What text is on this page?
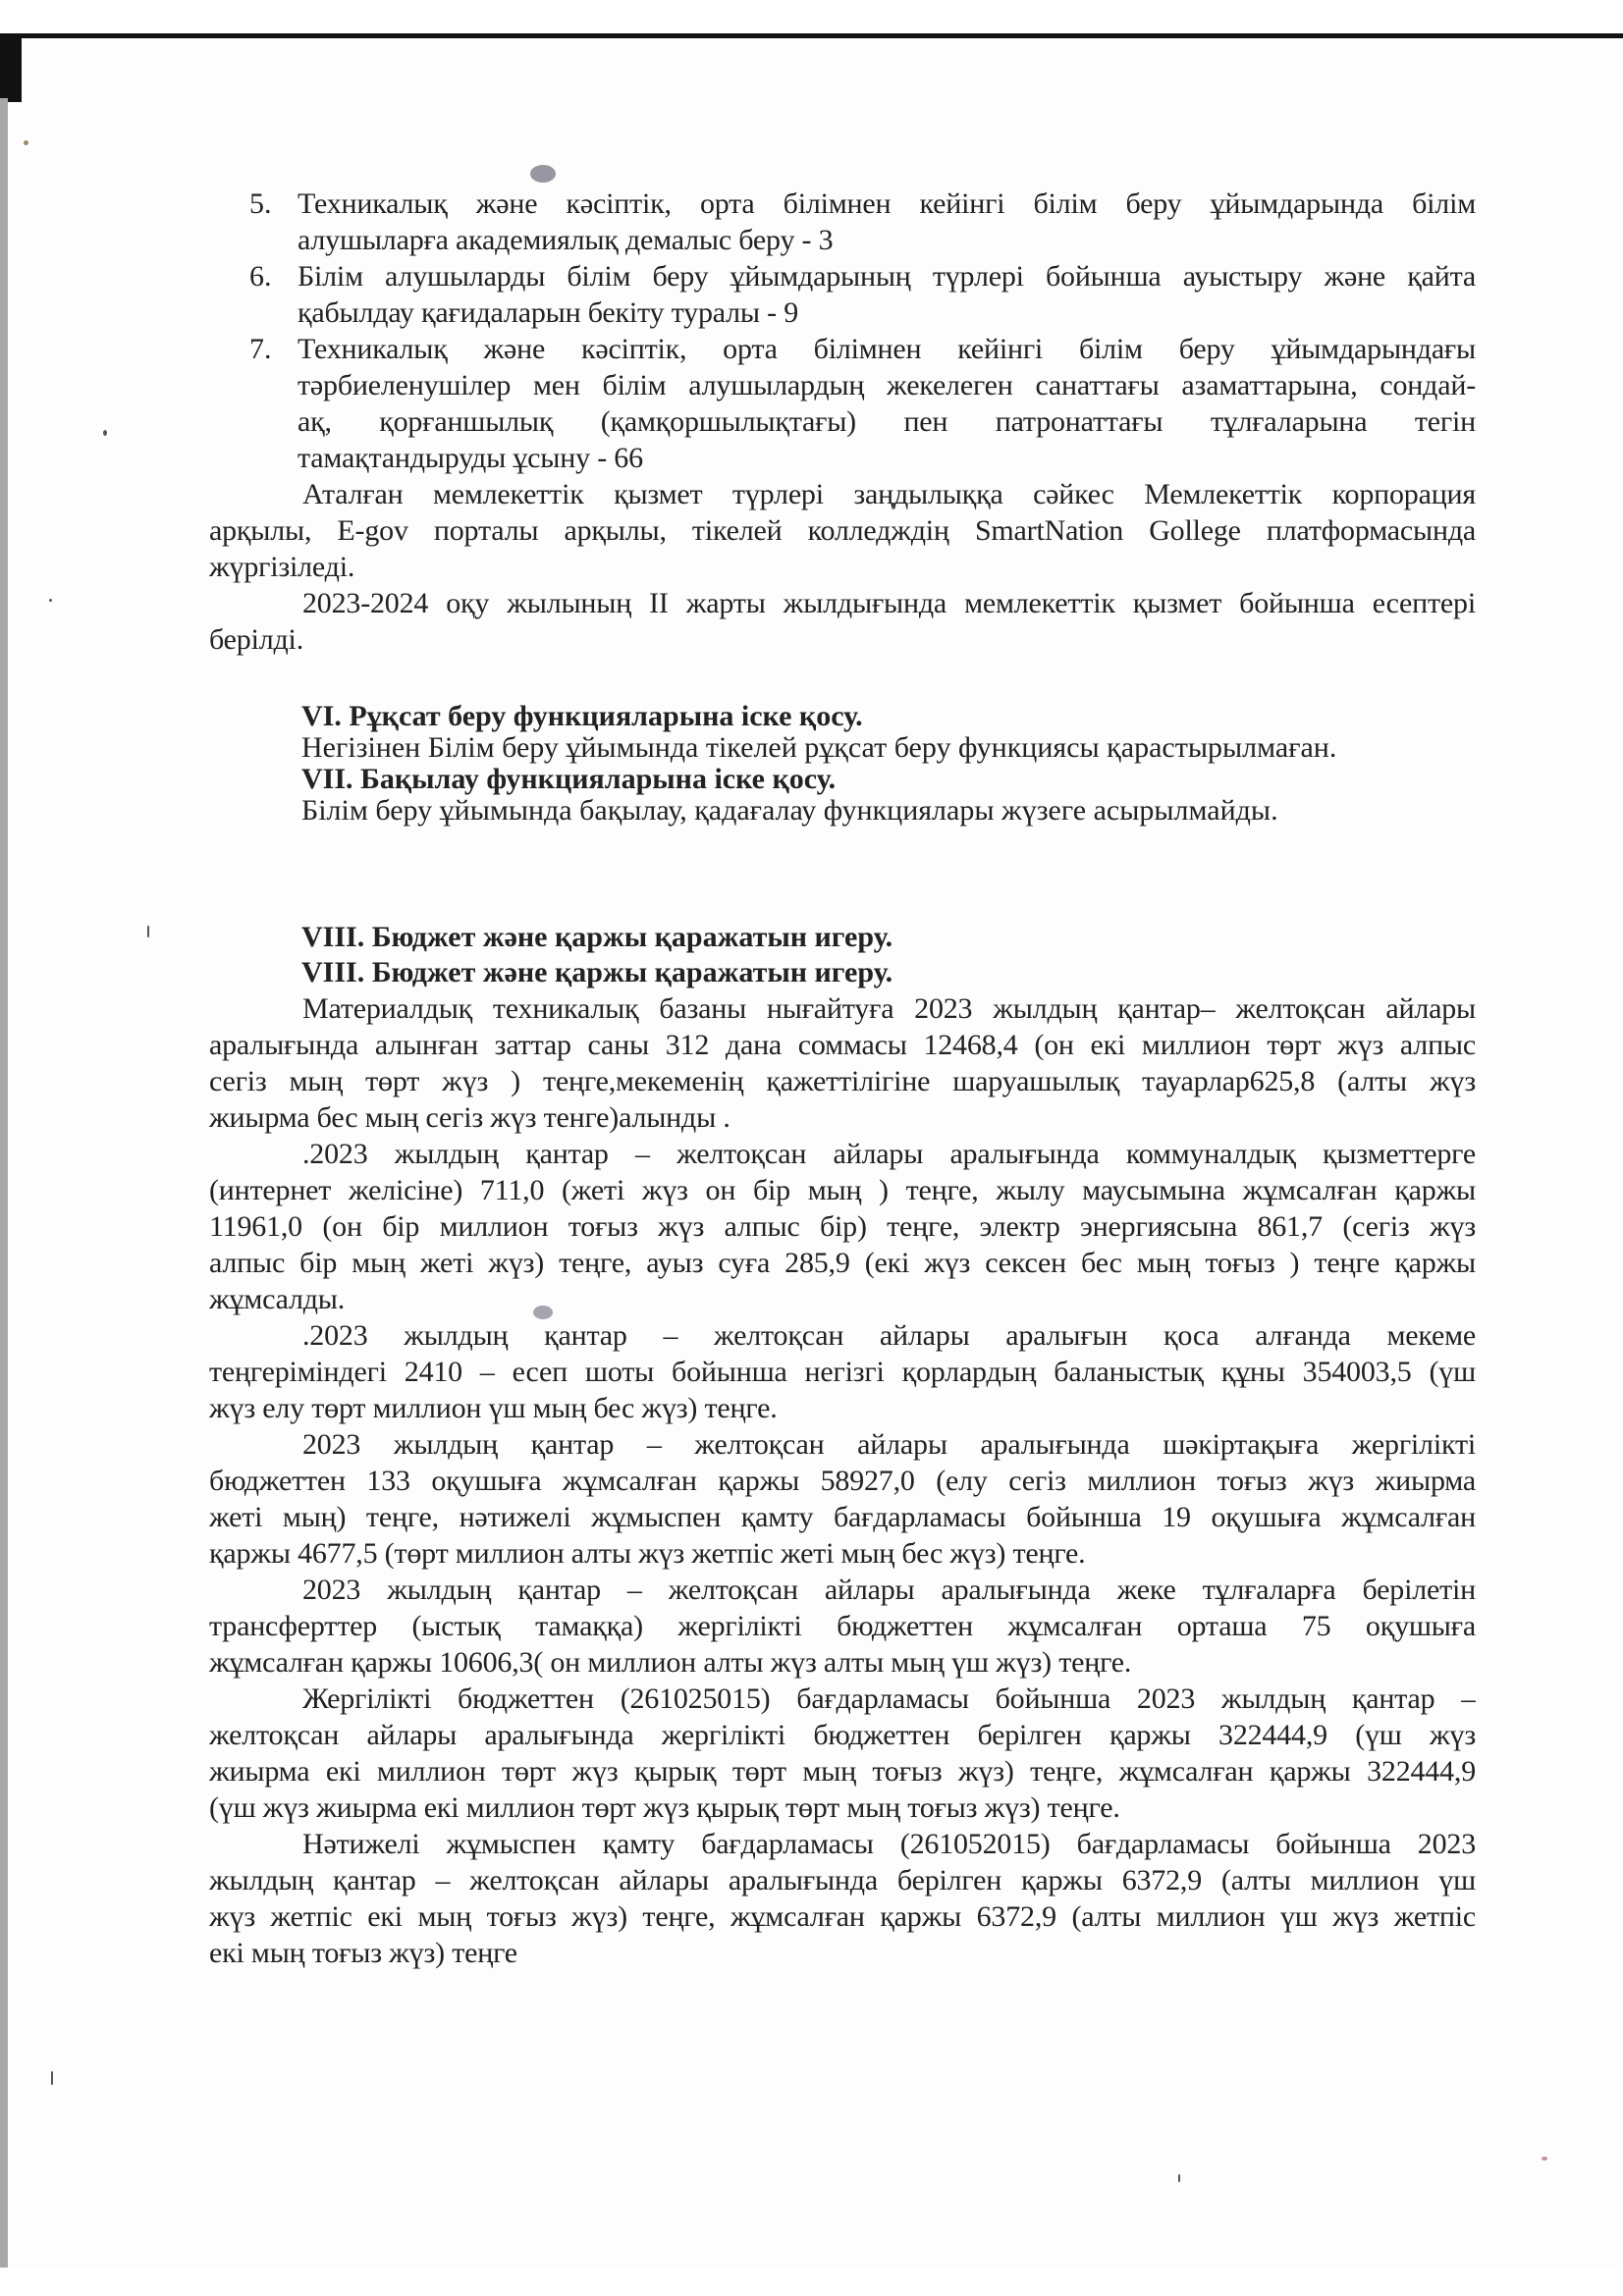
5. Техникалық және кәсіптік, орта білімнен кейінгі білім беру ұйымдарында білім
алушыларға академиялық демалыс беру - 3
6. Білім алушыларды білім беру ұйымдарының түрлері бойынша ауыстыру және қайта
қабылдау қағидаларын бекіту туралы - 9
7. Техникалық және кәсіптік, орта білімнен кейінгі білім беру ұйымдарындағы
тәрбиеленушілер мен білім алушылардың жекелеген санаттағы азаматтарына, сондай-
ақ, қорғаншылық (қамқоршылықтағы) пен патронаттағы тұлғаларына тегін
тамақтандыруды ұсыну - 66
Аталған мемлекеттік қызмет түрлері заңдылыққа сәйкес Мемлекеттік корпорация
арқылы, E-gov порталы арқылы, тікелей колледждің SmartNation Gollege платформасында
жүргізіледі.
2023-2024 оқу жылының II жарты жылдығында мемлекеттік қызмет бойынша есептері
берілді.
VI. Рұқсат беру функцияларына іске қосу.
Негізінен Білім беру ұйымында тікелей рұқсат беру функциясы қарастырылмаған.
VII. Бақылау функцияларына іске қосу.
Білім беру ұйымында бақылау, қадағалау функциялары жүзеге асырылмайды.
VIII. Бюджет және қаржы қаражатын игеру.
VIII. Бюджет және қаржы қаражатын игеру.
Материалдық техникалық базаны нығайтуға 2023 жылдың қантар– желтоқсан айлары
аралығында алынған заттар саны 312 дана соммасы 12468,4 (он екі миллион төрт жүз алпыс
сегіз мың төрт жүз ) теңге,мекеменің қажеттілігіне шаруашылық тауарлар625,8 (алты жүз
жиырма бес мың сегіз жүз тенге)алынды .
.2023 жылдың қантар – желтоқсан айлары аралығында коммуналдық қызметтерге
(интернет желісіне) 711,0 (жеті жүз он бір мың ) теңге, жылу маусымына жұмсалған қаржы
11961,0 (он бір миллион тоғыз жүз алпыс бір) теңге, электр энергиясына 861,7 (сегіз жүз
алпыс бір мың жеті жүз) теңге, ауыз суға 285,9 (екі жүз сексен бес мың тоғыз ) теңге қаржы
жұмсалды.
.2023 жылдың қантар – желтоқсан айлары аралығын қоса алғанда мекеме
теңгеріміндегі 2410 – есеп шоты бойынша негізгі қорлардың баланыстық құны 354003,5 (үш
жүз елу төрт миллион үш мың бес жүз) теңге.
2023 жылдың қантар – желтоқсан айлары аралығында шәкіртақыға жергілікті
бюджеттен 133 оқушыға жұмсалған қаржы 58927,0 (елу сегіз миллион тоғыз жүз жиырма
жеті мың) теңге, нәтижелі жұмыспен қамту бағдарламасы бойынша 19 оқушыға жұмсалған
қаржы 4677,5 (төрт миллион алты жүз жетпіс жеті мың бес жүз) теңге.
2023 жылдың қантар – желтоқсан айлары аралығында жеке тұлғаларға берілетін
трансферттер (ыстық тамаққа) жергілікті бюджеттен жұмсалған орташа 75 оқушыға
жұмсалған қаржы 10606,3( он миллион алты жүз алты мың үш жүз) теңге.
Жергілікті бюджеттен (261025015) бағдарламасы бойынша 2023 жылдың қантар –
желтоқсан айлары аралығында жергілікті бюджеттен берілген қаржы 322444,9 (үш жүз
жиырма екі миллион төрт жүз қырық төрт мың тоғыз жүз) теңге, жұмсалған қаржы 322444,9
(үш жүз жиырма екі миллион төрт жүз қырық төрт мың тоғыз жүз) теңге.
Нәтижелі жұмыспен қамту бағдарламасы (261052015) бағдарламасы бойынша 2023
жылдың қантар – желтоқсан айлары аралығында берілген қаржы 6372,9 (алты миллион үш
жүз жетпіс екі мың тоғыз жүз) теңге, жұмсалған қаржы 6372,9 (алты миллион үш жүз жетпіс
екі мың тоғыз жүз) теңге
